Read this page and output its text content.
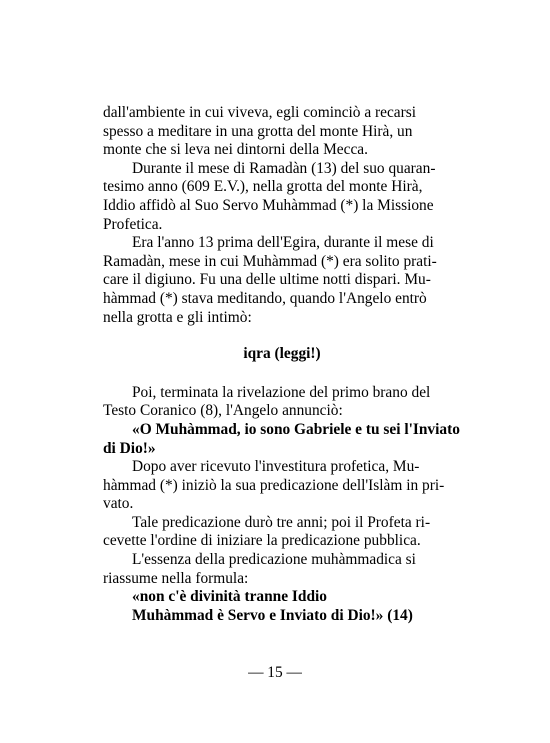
dall'ambiente in cui viveva, egli cominciò a recarsi
spesso a meditare in una grotta del monte Hirà, un
monte che si leva nei dintorni della Mecca.

Durante il mese di Ramadàn (13) del suo quaran-
tesimo anno (609 E.V.), nella grotta del monte Hirà,
Iddio affidò al Suo Servo Muhàmmad (*) la Missione
Profetica.

Era l'anno 13 prima dell'Egira, durante il mese di
Ramadàn, mese in cui Muhàmmad (*) era solito prati-
care il digiuno. Fu una delle ultime notti dispari. Mu-
hàmmad (*) stava meditando, quando l'Angelo entrò
nella grotta e gli intimò:

iqra (leggi!)

Poi, terminata la rivelazione del primo brano del
Testo Coranico (8), l'Angelo annunciò:

«O Muhàmmad, io sono Gabriele e tu sei l'Inviato
di Dio!»

Dopo aver ricevuto l'investitura profetica, Mu-
hàmmad (*) iniziò la sua predicazione dell'Islàm in pri-
vato.

Tale predicazione durò tre anni; poi il Profeta ri-
cevette l'ordine di iniziare la predicazione pubblica.

L'essenza della predicazione muhàmmadica si
riassume nella formula:

«non c'è divinità tranne Iddio
Muhàmmad è Servo e Inviato di Dio!» (14)

— 15 —
